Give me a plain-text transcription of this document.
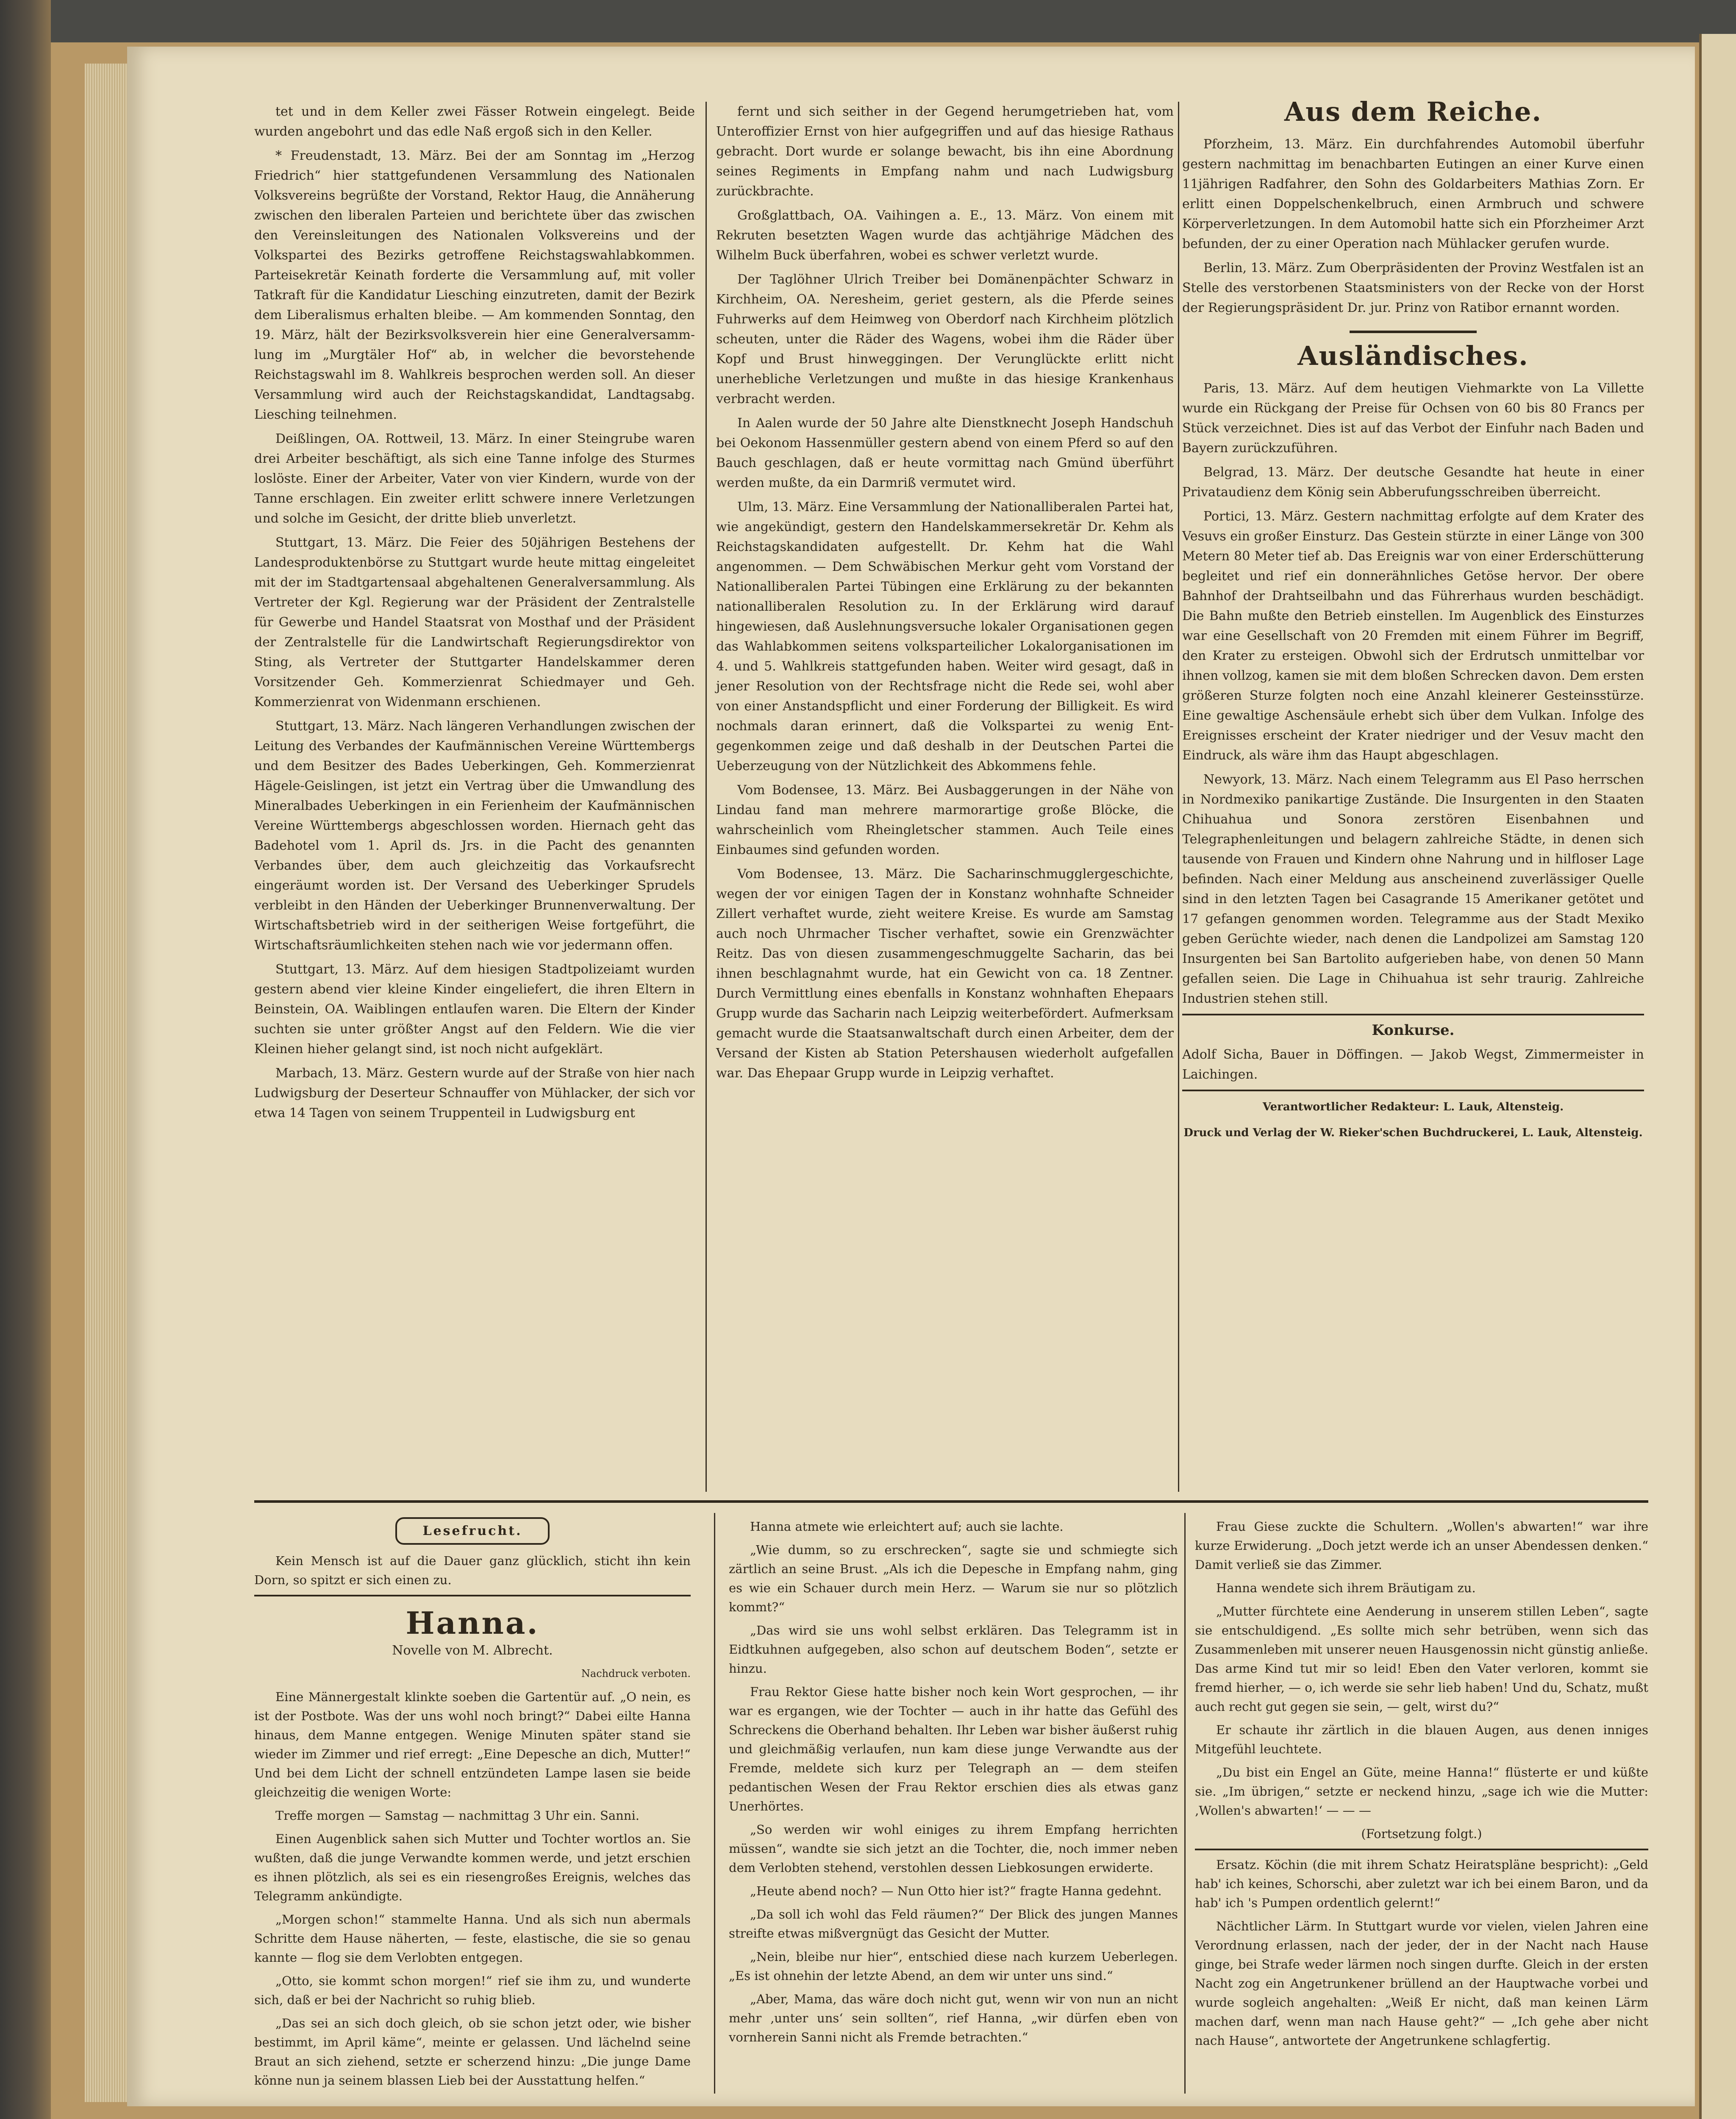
tet und in dem Keller zwei Fässer Rotwein eingelegt. Beide wurden angebohrt und das edle Naß ergoß sich in den Keller.

* Freudenstadt, 13. März. Bei der am Sonntag im „Herzog Friedrich“ hier stattgefundenen Versammlung des Nationalen Volksvereins begrüßte der Vorstand, Rektor Haug, die Annäherung zwischen den liberalen Parteien und berichtete über das zwischen den Vereinsleitungen des Nationalen Volksvereins und der Volkspartei des Bezirks getroffene Reichstagswahlabkommen. Parteisekretär Keinath forderte die Versammlung auf, mit voller Tatkraft für die Kandidatur Liesching einzutreten, damit der Bezirk dem Liberalismus erhalten bleibe. — Am kommenden Sonntag, den 19. März, hält der Bezirksvolksverein hier eine Generalversammlung im „Murgtäler Hof“ ab, in welcher die bevorstehende Reichstagswahl im 8. Wahlkreis besprochen werden soll. An dieser Versammlung wird auch der Reichstagskandidat, Landtagsabg. Liesching teilnehmen.

Deißlingen, OA. Rottweil, 13. März. In einer Steingrube waren drei Arbeiter beschäftigt, als sich eine Tanne infolge des Sturmes loslöste. Einer der Arbeiter, Vater von vier Kindern, wurde von der Tanne erschlagen. Ein zweiter erlitt schwere innere Verletzungen und solche im Gesicht, der dritte blieb unverletzt.

Stuttgart, 13. März. Die Feier des 50jährigen Bestehens der Landesproduktenbörse zu Stuttgart wurde heute mittag eingeleitet mit der im Stadtgartensaal abgehaltenen Generalversammlung. Als Vertreter der Kgl. Regierung war der Präsident der Zentralstelle für Gewerbe und Handel Staatsrat von Mosthaf und der Präsident der Zentralstelle für die Landwirtschaft Regierungsdirektor von Sting, als Vertreter der Stuttgarter Handelskammer deren Vorsitzender Geh. Kommerzienrat Schiedmayer und Geh. Kommerzienrat von Widenmann erschienen.

Stuttgart, 13. März. Nach längeren Verhandlungen zwischen der Leitung des Verbandes der Kaufmännischen Vereine Württembergs und dem Besitzer des Bades Ueberkingen, Geh. Kommerzienrat Hägele-Geislingen, ist jetzt ein Vertrag über die Umwandlung des Mineralbades Ueberkingen in ein Ferienheim der Kaufmännischen Vereine Württembergs abgeschlossen worden. Hiernach geht das Badehotel vom 1. April ds. Jrs. in die Pacht des genannten Verbandes über, dem auch gleichzeitig das Vorkaufsrecht eingeräumt worden ist. Der Versand des Ueberkinger Sprudels verbleibt in den Händen der Ueberkinger Brunnenverwaltung. Der Wirtschaftsbetrieb wird in der seitherigen Weise fortgeführt, die Wirtschaftsräumlichkeiten stehen nach wie vor jedermann offen.

Stuttgart, 13. März. Auf dem hiesigen Stadtpolizeiamt wurden gestern abend vier kleine Kinder eingeliefert, die ihren Eltern in Beinstein, OA. Waiblingen entlaufen waren. Die Eltern der Kinder suchten sie unter größter Angst auf den Feldern. Wie die vier Kleinen hieher gelangt sind, ist noch nicht aufgeklärt.

Marbach, 13. März. Gestern wurde auf der Straße von hier nach Ludwigsburg der Deserteur Schnauffer von Mühlacker, der sich vor etwa 14 Tagen von seinem Truppenteil in Ludwigsburg ent

fernt und sich seither in der Gegend herumgetrieben hat, vom Unteroffizier Ernst von hier aufgegriffen und auf das hiesige Rathaus gebracht. Dort wurde er solange bewacht, bis ihn eine Abordnung seines Regiments in Empfang nahm und nach Ludwigsburg zurückbrachte.

Großglattbach, OA. Vaihingen a. E., 13. März. Von einem mit Rekruten besetzten Wagen wurde das achtjährige Mädchen des Wilhelm Buck überfahren, wobei es schwer verletzt wurde.

Der Taglöhner Ulrich Treiber bei Domänenpächter Schwarz in Kirchheim, OA. Neresheim, geriet gestern, als die Pferde seines Fuhrwerks auf dem Heimweg von Oberdorf nach Kirchheim plötzlich scheuten, unter die Räder des Wagens, wobei ihm die Räder über Kopf und Brust hinweggingen. Der Verunglückte erlitt nicht unerhebliche Verletzungen und mußte in das hiesige Krankenhaus verbracht werden.

In Aalen wurde der 50 Jahre alte Dienstknecht Joseph Handschuh bei Oekonom Hassenmüller gestern abend von einem Pferd so auf den Bauch geschlagen, daß er heute vormittag nach Gmünd überführt werden mußte, da ein Darmriß vermutet wird.

Ulm, 13. März. Eine Versammlung der Nationalliberalen Partei hat, wie angekündigt, gestern den Handelskammersekretär Dr. Kehm als Reichstagskandidaten aufgestellt. Dr. Kehm hat die Wahl angenommen. — Dem Schwäbischen Merkur geht vom Vorstand der Nationalliberalen Partei Tübingen eine Erklärung zu der bekannten nationalliberalen Resolution zu. In der Erklärung wird darauf hingewiesen, daß Auslehnungsversuche lokaler Organisationen gegen das Wahlabkommen seitens volksparteilicher Lokalorganisationen im 4. und 5. Wahlkreis stattgefunden haben. Weiter wird gesagt, daß in jener Resolution von der Rechtsfrage nicht die Rede sei, wohl aber von einer Anstandspflicht und einer Forderung der Billigkeit. Es wird nochmals daran erinnert, daß die Volkspartei zu wenig Entgegenkommen zeige und daß deshalb in der Deutschen Partei die Ueberzeugung von der Nützlichkeit des Abkommens fehle.

Vom Bodensee, 13. März. Bei Ausbaggerungen in der Nähe von Lindau fand man mehrere marmorartige große Blöcke, die wahrscheinlich vom Rheingletscher stammen. Auch Teile eines Einbaumes sind gefunden worden.

Vom Bodensee, 13. März. Die Sacharinschmugglergeschichte, wegen der vor einigen Tagen der in Konstanz wohnhafte Schneider Zillert verhaftet wurde, zieht weitere Kreise. Es wurde am Samstag auch noch Uhrmacher Tischer verhaftet, sowie ein Grenzwächter Reitz. Das von diesen zusammengeschmuggelte Sacharin, das bei ihnen beschlagnahmt wurde, hat ein Gewicht von ca. 18 Zentner. Durch Vermittlung eines ebenfalls in Konstanz wohnhaften Ehepaars Grupp wurde das Sacharin nach Leipzig weiterbefördert. Aufmerksam gemacht wurde die Staatsanwaltschaft durch einen Arbeiter, dem der Versand der Kisten ab Station Petershausen wiederholt aufgefallen war. Das Ehepaar Grupp wurde in Leipzig verhaftet.

Aus dem Reiche.

Pforzheim, 13. März. Ein durchfahrendes Automobil überfuhr gestern nachmittag im benachbarten Eutingen an einer Kurve einen 11jährigen Radfahrer, den Sohn des Goldarbeiters Mathias Zorn. Er erlitt einen Doppelschenkelbruch, einen Armbruch und schwere Körperverletzungen. In dem Automobil hatte sich ein Pforzheimer Arzt befunden, der zu einer Operation nach Mühlacker gerufen wurde.

Berlin, 13. März. Zum Oberpräsidenten der Provinz Westfalen ist an Stelle des verstorbenen Staatsministers von der Recke von der Horst der Regierungspräsident Dr. jur. Prinz von Ratibor ernannt worden.

Ausländisches.

Paris, 13. März. Auf dem heutigen Viehmarkte von La Villette wurde ein Rückgang der Preise für Ochsen von 60 bis 80 Francs per Stück verzeichnet. Dies ist auf das Verbot der Einfuhr nach Baden und Bayern zurückzuführen.

Belgrad, 13. März. Der deutsche Gesandte hat heute in einer Privataudienz dem König sein Abberufungsschreiben überreicht.

Portici, 13. März. Gestern nachmittag erfolgte auf dem Krater des Vesuvs ein großer Einsturz. Das Gestein stürzte in einer Länge von 300 Metern 80 Meter tief ab. Das Ereignis war von einer Erderschütterung begleitet und rief ein donnerähnliches Getöse hervor. Der obere Bahnhof der Drahtseilbahn und das Führerhaus wurden beschädigt. Die Bahn mußte den Betrieb einstellen. Im Augenblick des Einsturzes war eine Gesellschaft von 20 Fremden mit einem Führer im Begriff, den Krater zu ersteigen. Obwohl sich der Erdrutsch unmittelbar vor ihnen vollzog, kamen sie mit dem bloßen Schrecken davon. Dem ersten größeren Sturze folgten noch eine Anzahl kleinerer Gesteinsstürze. Eine gewaltige Aschensäule erhebt sich über dem Vulkan. Infolge des Ereignisses erscheint der Krater niedriger und der Vesuv macht den Eindruck, als wäre ihm das Haupt abgeschlagen.

Newyork, 13. März. Nach einem Telegramm aus El Paso herrschen in Nordmexiko panikartige Zustände. Die Insurgenten in den Staaten Chihuahua und Sonora zerstören Eisenbahnen und Telegraphenleitungen und belagern zahlreiche Städte, in denen sich tausende von Frauen und Kindern ohne Nahrung und in hilfloser Lage befinden. Nach einer Meldung aus anscheinend zuverlässiger Quelle sind in den letzten Tagen bei Casagrande 15 Amerikaner getötet und 17 gefangen genommen worden. Telegramme aus der Stadt Mexiko geben Gerüchte wieder, nach denen die Landpolizei am Samstag 120 Insurgenten bei San Bartolito aufgerieben habe, von denen 50 Mann gefallen seien. Die Lage in Chihuahua ist sehr traurig. Zahlreiche Industrien stehen still.

Konkurse.
Adolf Sicha, Bauer in Döffingen. — Jakob Wegst, Zimmermeister in Laichingen.
Verantwortlicher Redakteur: L. Lauk, Altensteig.
Druck und Verlag der W. Rieker'schen Buchdruckerei, L. Lauk, Altensteig.
Lesefrucht.

Kein Mensch ist auf die Dauer ganz glücklich, sticht ihn kein Dorn, so spitzt er sich einen zu.

Hanna.
Novelle von M. Albrecht.
Nachdruck verboten.

Eine Männergestalt klinkte soeben die Gartentür auf. „O nein, es ist der Postbote. Was der uns wohl noch bringt?“ Dabei eilte Hanna hinaus, dem Manne entgegen. Wenige Minuten später stand sie wieder im Zimmer und rief erregt: „Eine Depesche an dich, Mutter!“ Und bei dem Licht der schnell entzündeten Lampe lasen sie beide gleichzeitig die wenigen Worte:

Treffe morgen — Samstag — nachmittag 3 Uhr ein. Sanni.

Einen Augenblick sahen sich Mutter und Tochter wortlos an. Sie wußten, daß die junge Verwandte kommen werde, und jetzt erschien es ihnen plötzlich, als sei es ein riesengroßes Ereignis, welches das Telegramm ankündigte.

„Morgen schon!“ stammelte Hanna. Und als sich nun abermals Schritte dem Hause näherten, — feste, elastische, die sie so genau kannte — flog sie dem Verlobten entgegen.

„Otto, sie kommt schon morgen!“ rief sie ihm zu, und wunderte sich, daß er bei der Nachricht so ruhig blieb.

„Das sei an sich doch gleich, ob sie schon jetzt oder, wie bisher bestimmt, im April käme“, meinte er gelassen. Und lächelnd seine Braut an sich ziehend, setzte er scherzend hinzu: „Die junge Dame könne nun ja seinem blassen Lieb bei der Ausstattung helfen.“

Hanna atmete wie erleichtert auf; auch sie lachte.

„Wie dumm, so zu erschrecken“, sagte sie und schmiegte sich zärtlich an seine Brust. „Als ich die Depesche in Empfang nahm, ging es wie ein Schauer durch mein Herz. — Warum sie nur so plötzlich kommt?“

„Das wird sie uns wohl selbst erklären. Das Telegramm ist in Eidtkuhnen aufgegeben, also schon auf deutschem Boden“, setzte er hinzu.

Frau Rektor Giese hatte bisher noch kein Wort gesprochen, — ihr war es ergangen, wie der Tochter — auch in ihr hatte das Gefühl des Schreckens die Oberhand behalten. Ihr Leben war bisher äußerst ruhig und gleichmäßig verlaufen, nun kam diese junge Verwandte aus der Fremde, meldete sich kurz per Telegraph an — dem steifen pedantischen Wesen der Frau Rektor erschien dies als etwas ganz Unerhörtes.

„So werden wir wohl einiges zu ihrem Empfang herrichten müssen“, wandte sie sich jetzt an die Tochter, die, noch immer neben dem Verlobten stehend, verstohlen dessen Liebkosungen erwiderte.

„Heute abend noch? — Nun Otto hier ist?“ fragte Hanna gedehnt.

„Da soll ich wohl das Feld räumen?“ Der Blick des jungen Mannes streifte etwas mißvergnügt das Gesicht der Mutter.

„Nein, bleibe nur hier“, entschied diese nach kurzem Ueberlegen. „Es ist ohnehin der letzte Abend, an dem wir unter uns sind.“

„Aber, Mama, das wäre doch nicht gut, wenn wir von nun an nicht mehr ‚unter uns‘ sein sollten“, rief Hanna, „wir dürfen eben von vornherein Sanni nicht als Fremde betrachten.“

Frau Giese zuckte die Schultern. „Wollen's abwarten!“ war ihre kurze Erwiderung. „Doch jetzt werde ich an unser Abendessen denken.“ Damit verließ sie das Zimmer.

Hanna wendete sich ihrem Bräutigam zu.

„Mutter fürchtete eine Aenderung in unserem stillen Leben“, sagte sie entschuldigend. „Es sollte mich sehr betrüben, wenn sich das Zusammenleben mit unserer neuen Hausgenossin nicht günstig anließe. Das arme Kind tut mir so leid! Eben den Vater verloren, kommt sie fremd hierher, — o, ich werde sie sehr lieb haben! Und du, Schatz, mußt auch recht gut gegen sie sein, — gelt, wirst du?“

Er schaute ihr zärtlich in die blauen Augen, aus denen inniges Mitgefühl leuchtete.

„Du bist ein Engel an Güte, meine Hanna!“ flüsterte er und küßte sie. „Im übrigen,“ setzte er neckend hinzu, „sage ich wie die Mutter: ‚Wollen's abwarten!‘ — — —

(Fortsetzung folgt.)

Ersatz. Köchin (die mit ihrem Schatz Heiratspläne bespricht): „Geld hab' ich keines, Schorschi, aber zuletzt war ich bei einem Baron, und da hab' ich 's Pumpen ordentlich gelernt!“

Nächtlicher Lärm. In Stuttgart wurde vor vielen, vielen Jahren eine Verordnung erlassen, nach der jeder, der in der Nacht nach Hause ginge, bei Strafe weder lärmen noch singen durfte. Gleich in der ersten Nacht zog ein Angetrunkener brüllend an der Hauptwache vorbei und wurde sogleich angehalten: „Weiß Er nicht, daß man keinen Lärm machen darf, wenn man nach Hause geht?“ — „Ich gehe aber nicht nach Hause“, antwortete der Angetrunkene schlagfertig.
